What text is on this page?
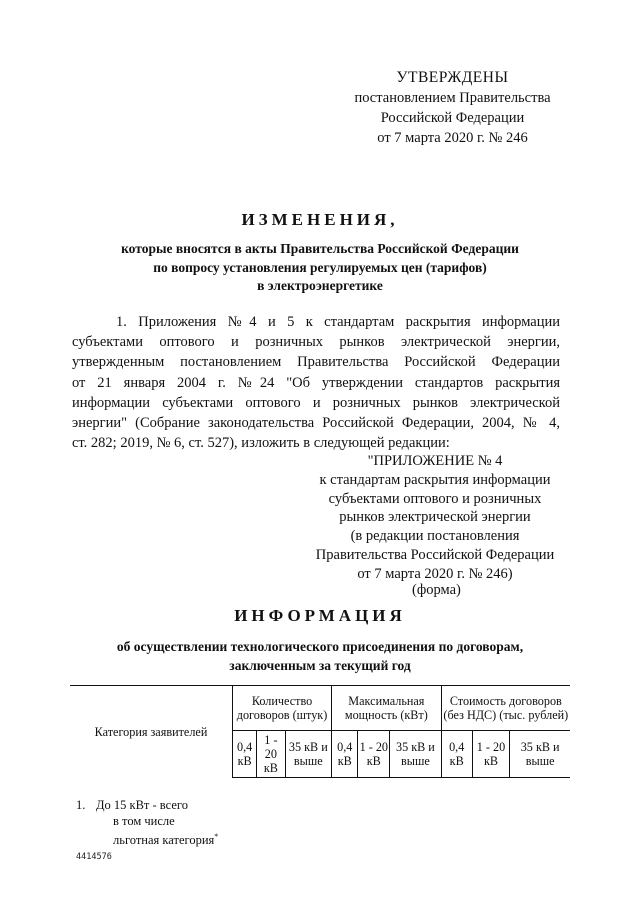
УТВЕРЖДЕНЫ
постановлением Правительства
Российской Федерации
от 7 марта 2020 г. № 246
ИЗМЕНЕНИЯ,
которые вносятся в акты Правительства Российской Федерации
по вопросу установления регулируемых цен (тарифов)
в электроэнергетике

1. Приложения №4 и 5 к стандартам раскрытия информации
субъектами оптового и розничных рынков электрической энергии,
утвержденным постановлением Правительства Российской Федерации
от 21 января 2004 г. №24 "Об утверждении стандартов раскрытия
информации субъектами оптового и розничных рынков электрической
энергии" (Собрание законодательства Российской Федерации, 2004, № 4,
ст. 282; 2019, № 6, ст. 527), изложить в следующей редакции:

"ПРИЛОЖЕНИЕ № 4
к стандартам раскрытия информации
субъектами оптового и розничных
рынков электрической энергии
(в редакции постановления
Правительства Российской Федерации
от 7 марта 2020 г. № 246)
(форма)
ИНФОРМАЦИЯ
об осуществлении технологического присоединения по договорам,
заключенным за текущий год
Категория заявителей	Количество договоров (штук)			Максимальная мощность (кВт)			Стоимость договоров (без НДС) (тыс. рублей)		
	0,4 кВ	1 - 20 кВ	35 кВ и выше	0,4 кВ	1 - 20 кВ	35 кВ и выше	0,4 кВ	1 - 20 кВ	35 кВ и выше
1. До 15 кВт - всего
в том числе
льготная категория*
4414576
